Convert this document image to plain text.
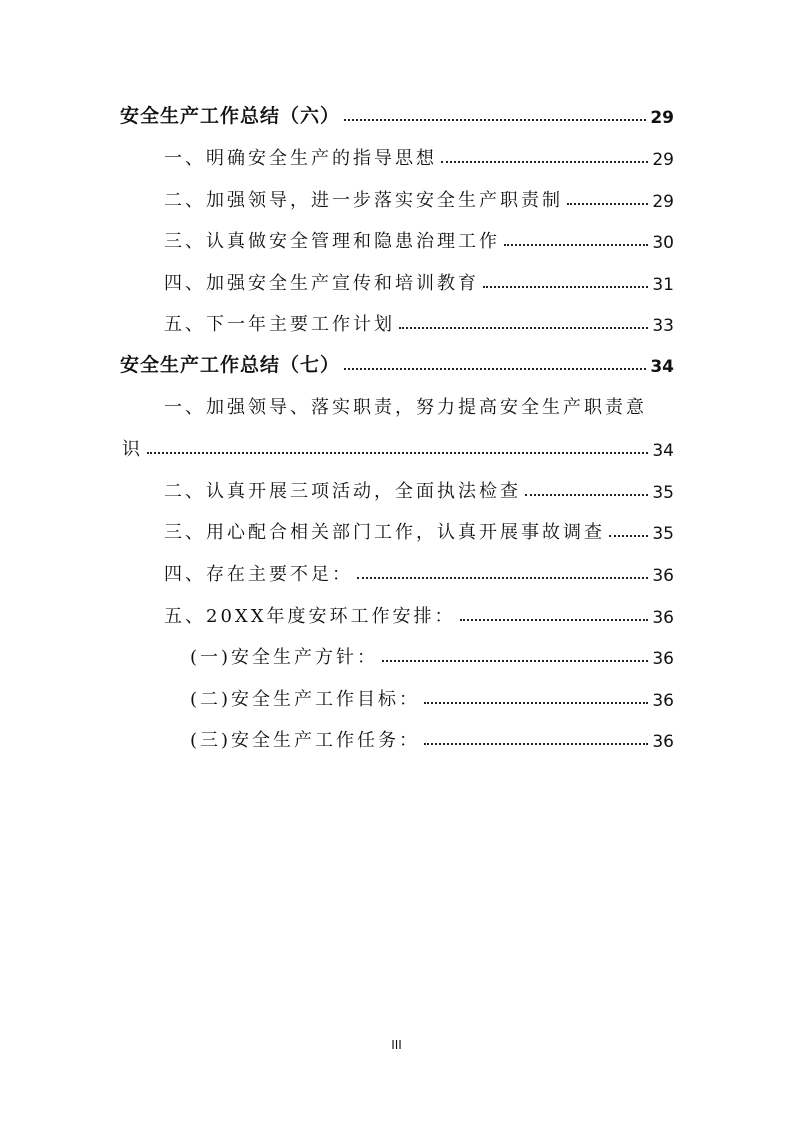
安全生产工作总结（六）	29
一、明确安全生产的指导思想	29
二、加强领导，进一步落实安全生产职责制	29
三、认真做安全管理和隐患治理工作	30
四、加强安全生产宣传和培训教育	31
五、下一年主要工作计划	33
安全生产工作总结（七）	34
一、加强领导、落实职责，努力提高安全生产职责意
识	34
二、认真开展三项活动，全面执法检查	35
三、用心配合相关部门工作，认真开展事故调查	35
四、存在主要不足：	36
五、20XX年度安环工作安排：	36
(一)安全生产方针：	36
(二)安全生产工作目标：	36
(三)安全生产工作任务：	36
III
